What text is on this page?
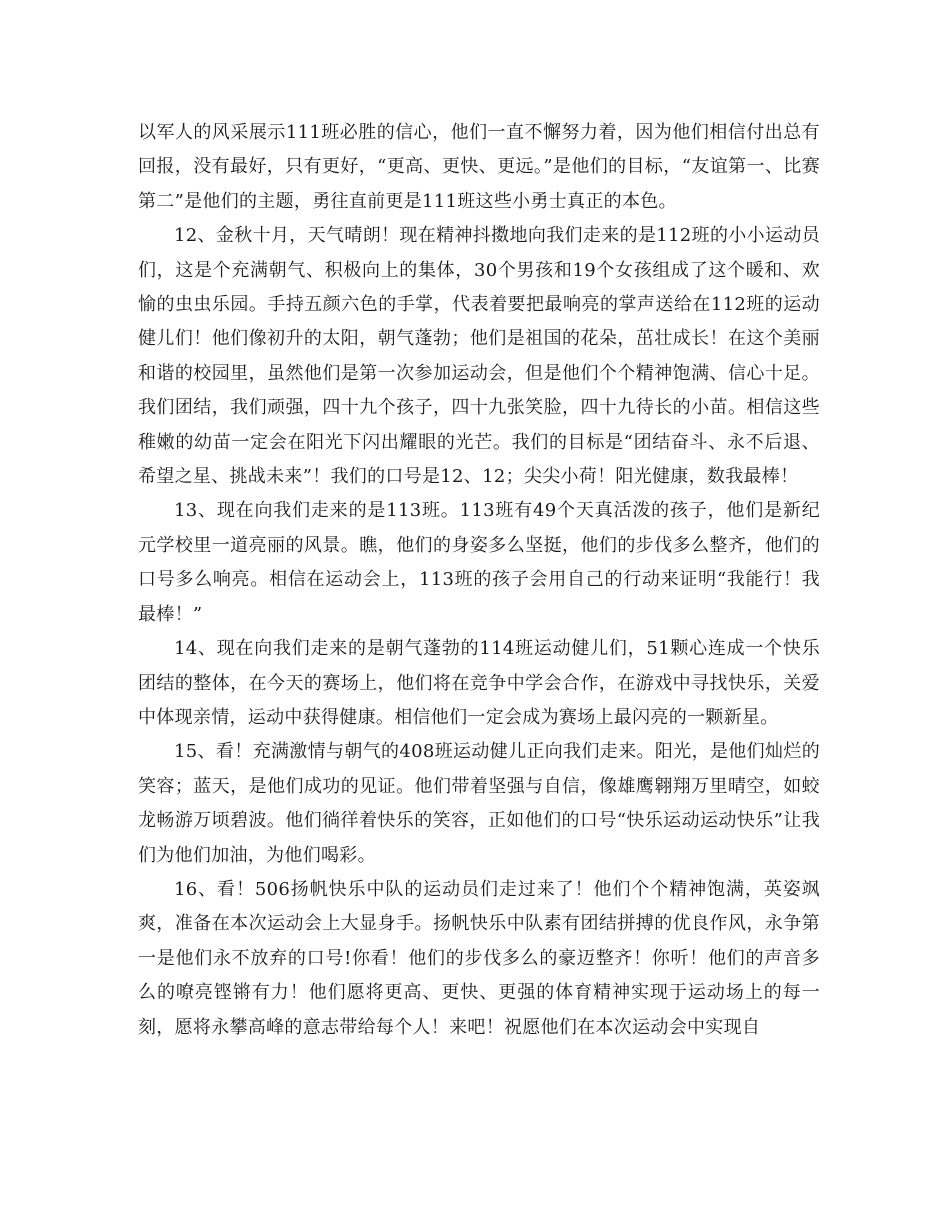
以军人的风采展示111班必胜的信心，他们一直不懈努力着，因为他们相信付出总有回报，没有最好，只有更好，“更高、更快、更远。”是他们的目标，“友谊第一、比赛第二”是他们的主题，勇往直前更是111班这些小勇士真正的本色。

12、金秋十月，天气晴朗！现在精神抖擞地向我们走来的是112班的小小运动员们，这是个充满朝气、积极向上的集体，30个男孩和19个女孩组成了这个暖和、欢愉的虫虫乐园。手持五颜六色的手掌，代表着要把最响亮的掌声送给在112班的运动健儿们！他们像初升的太阳，朝气蓬勃；他们是祖国的花朵，茁壮成长！在这个美丽和谐的校园里，虽然他们是第一次参加运动会，但是他们个个精神饱满、信心十足。我们团结，我们顽强，四十九个孩子，四十九张笑脸，四十九待长的小苗。相信这些稚嫩的幼苗一定会在阳光下闪出耀眼的光芒。我们的目标是“团结奋斗、永不后退、希望之星、挑战未来”！我们的口号是12、12；尖尖小荷！阳光健康，数我最棒！

13、现在向我们走来的是113班。113班有49个天真活泼的孩子，他们是新纪元学校里一道亮丽的风景。瞧，他们的身姿多么坚挺，他们的步伐多么整齐，他们的口号多么响亮。相信在运动会上，113班的孩子会用自己的行动来证明“我能行！我最棒！”

14、现在向我们走来的是朝气蓬勃的114班运动健儿们，51颗心连成一个快乐团结的整体，在今天的赛场上，他们将在竞争中学会合作，在游戏中寻找快乐，关爱中体现亲情，运动中获得健康。相信他们一定会成为赛场上最闪亮的一颗新星。

15、看！充满激情与朝气的408班运动健儿正向我们走来。阳光，是他们灿烂的笑容；蓝天，是他们成功的见证。他们带着坚强与自信，像雄鹰翱翔万里晴空，如蛟龙畅游万顷碧波。他们徜徉着快乐的笑容，正如他们的口号“快乐运动运动快乐”让我们为他们加油，为他们喝彩。

16、看！506扬帆快乐中队的运动员们走过来了！他们个个精神饱满，英姿飒爽，准备在本次运动会上大显身手。扬帆快乐中队素有团结拼搏的优良作风，永争第一是他们永不放弃的口号!你看！他们的步伐多么的豪迈整齐！你听！他们的声音多么的嘹亮铿锵有力！他们愿将更高、更快、更强的体育精神实现于运动场上的每一刻，愿将永攀高峰的意志带给每个人！来吧！祝愿他们在本次运动会中实现自
